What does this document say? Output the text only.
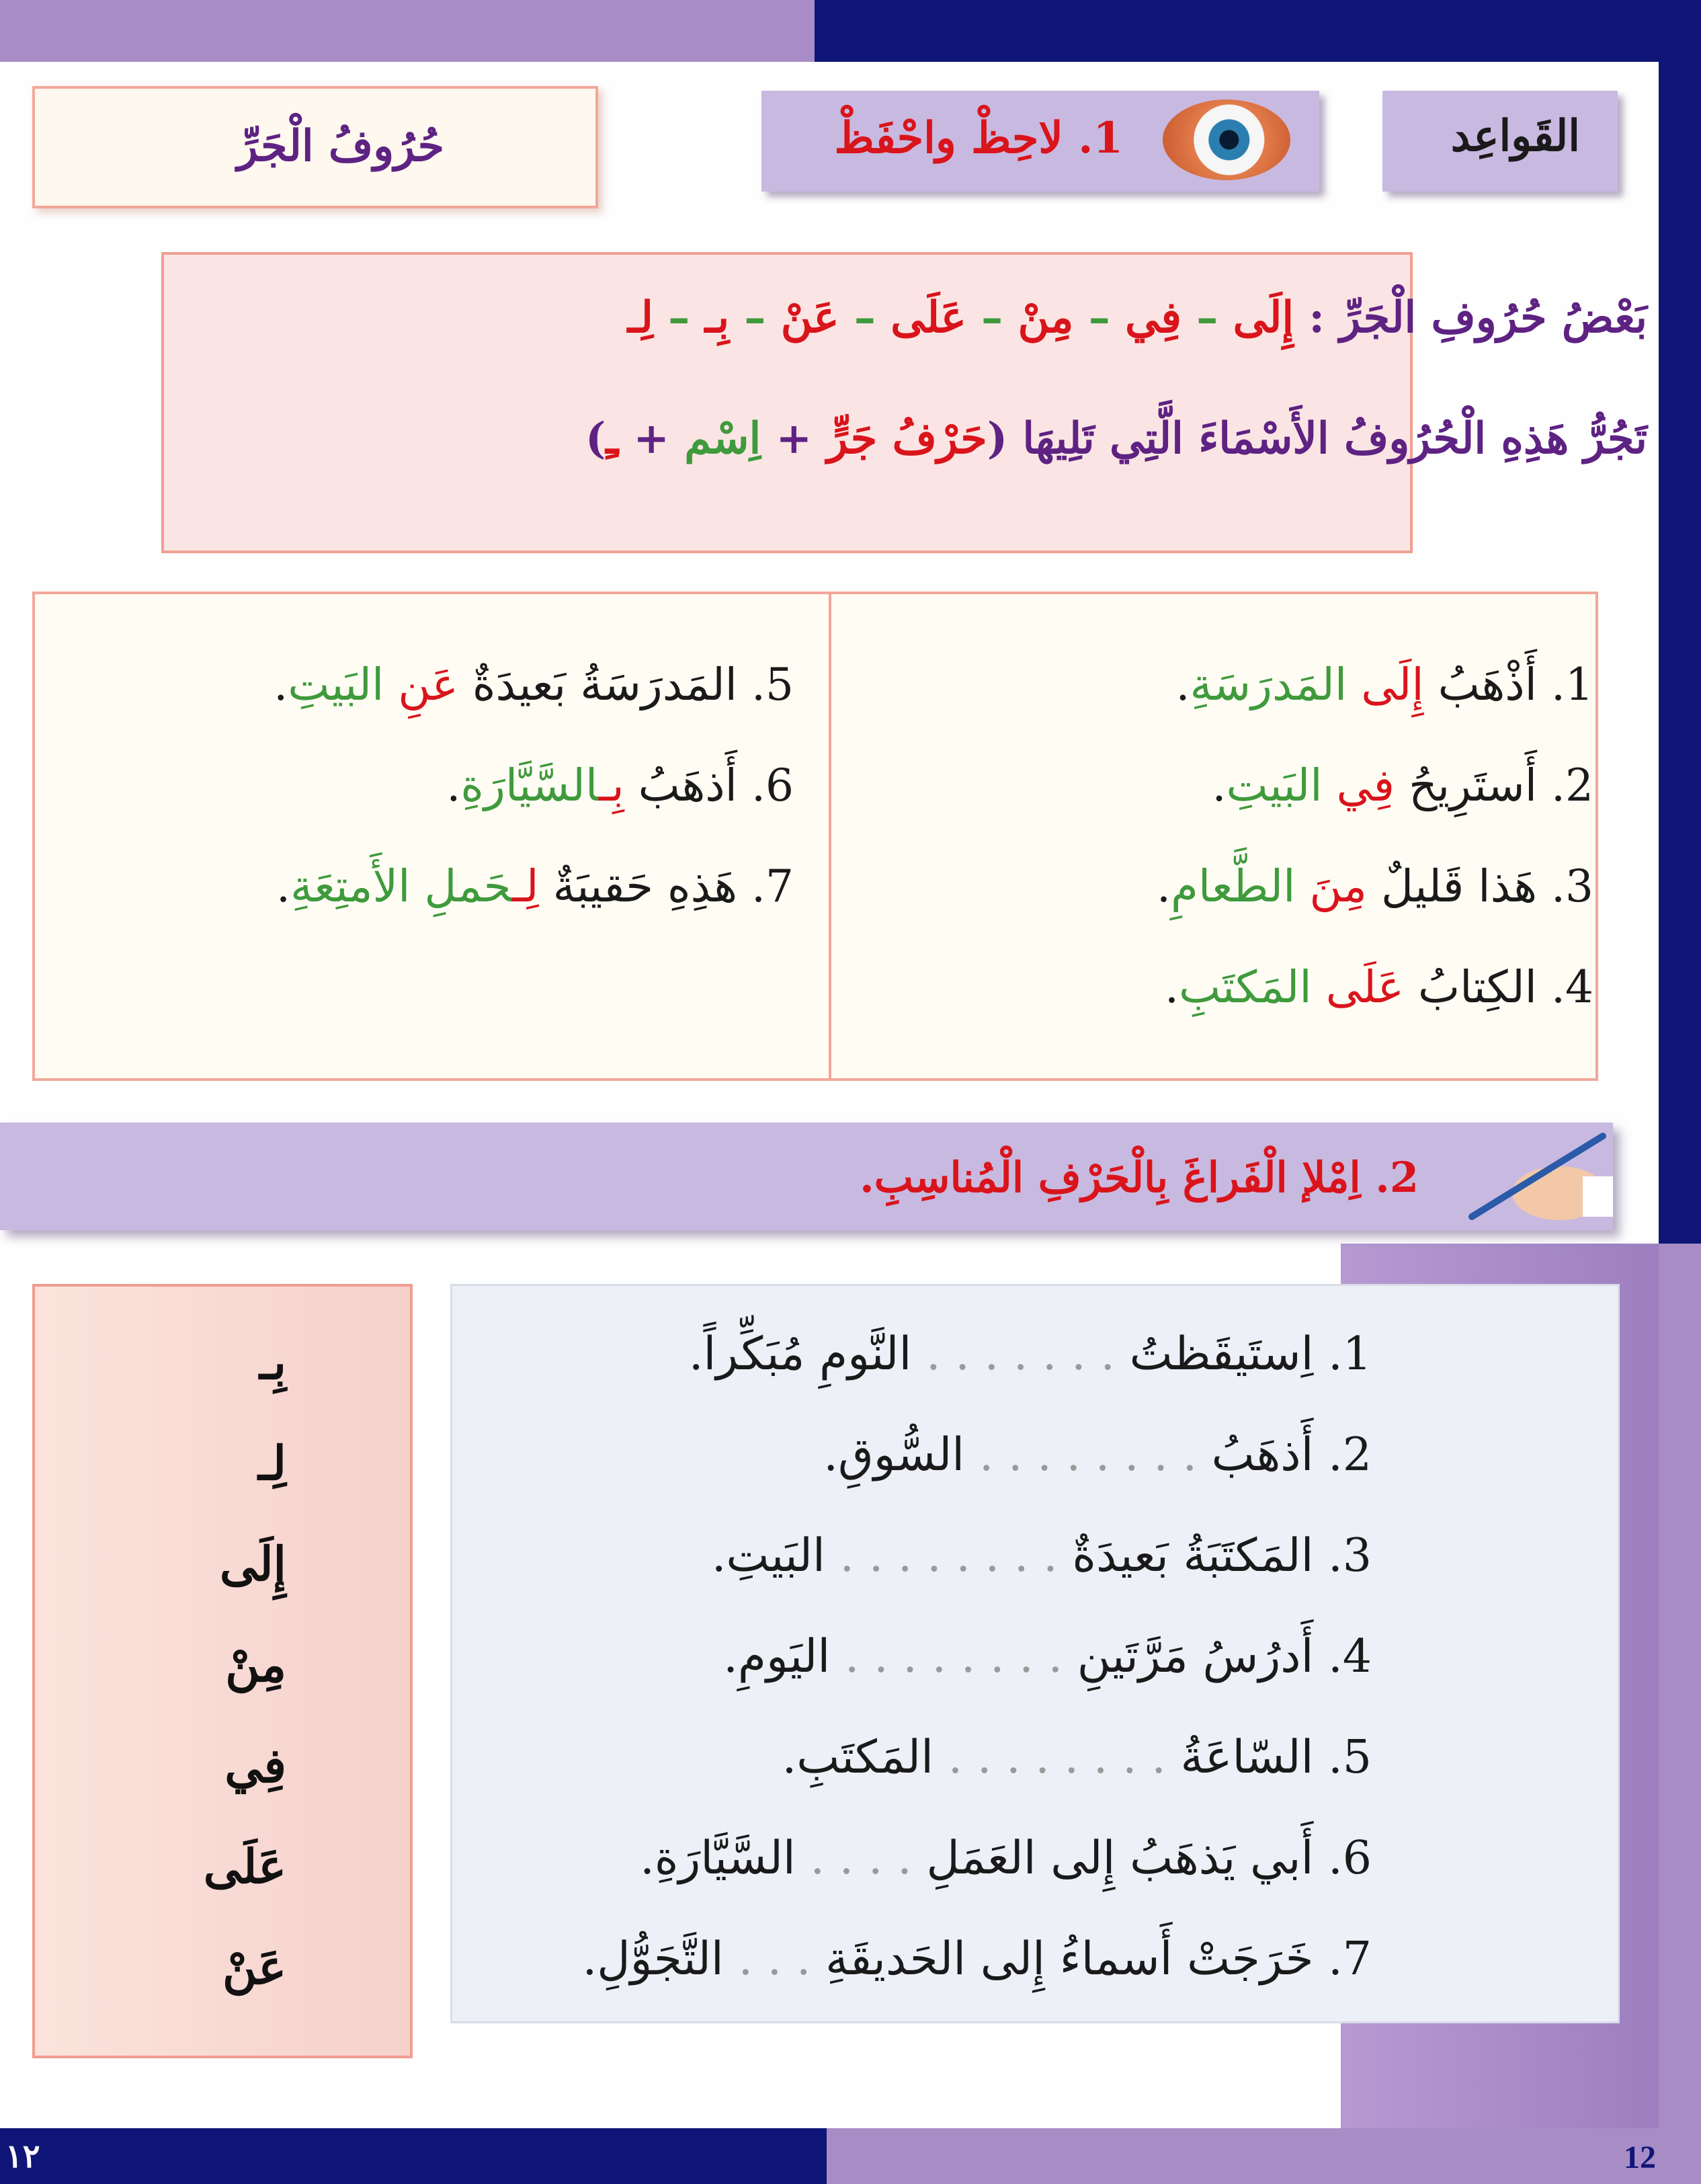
القَواعِد
1. لاحِظْ واحْفَظْ
حُرُوفُ الْجَرِّ
بَعْضُ حُرُوفِ الْجَرِّ : إِلَى – فِي – مِنْ – عَلَى – عَنْ – بِـ – لِـ
تَجُرُّ هَذِهِ الْحُرُوفُ الأَسْمَاءَ الَّتِي تَلِيهَا (حَرْفُ جَرٍّ + اِسْم + ـِ)
1. أَذْهَبُ إِلَى المَدرَسَةِ.
2. أَستَرِيحُ فِي البَيتِ.
3. هَذا قَليلٌ مِنَ الطَّعامِ.
4. الكِتابُ عَلَى المَكتَبِ.
5. المَدرَسَةُ بَعيدَةٌ عَنِ البَيتِ.
6. أَذهَبُ بِـالسَّيَّارَةِ.
7. هَذِهِ حَقيبَةٌ لِـحَملِ الأَمتِعَةِ.
2. اِمْلإ الْفَراغَ بِالْحَرْفِ الْمُناسِبِ.
بِـ
لِـ
إِلَى
مِنْ
فِي
عَلَى
عَنْ
1. اِستَيقَظتُ . . . . . . . النَّومِ مُبَكِّراً.
2. أَذهَبُ . . . . . . . . السُّوقِ.
3. المَكتَبَةُ بَعيدَةٌ . . . . . . . . البَيتِ.
4. أَدرُسُ مَرَّتَينِ . . . . . . . . اليَومِ.
5. السّاعَةُ . . . . . . . . المَكتَبِ.
6. أَبي يَذهَبُ إِلى العَمَلِ . . . . السَّيَّارَةِ.
7. خَرَجَتْ أَسماءُ إِلى الحَديقَةِ . . . التَّجَوُّلِ.
١٢	12
